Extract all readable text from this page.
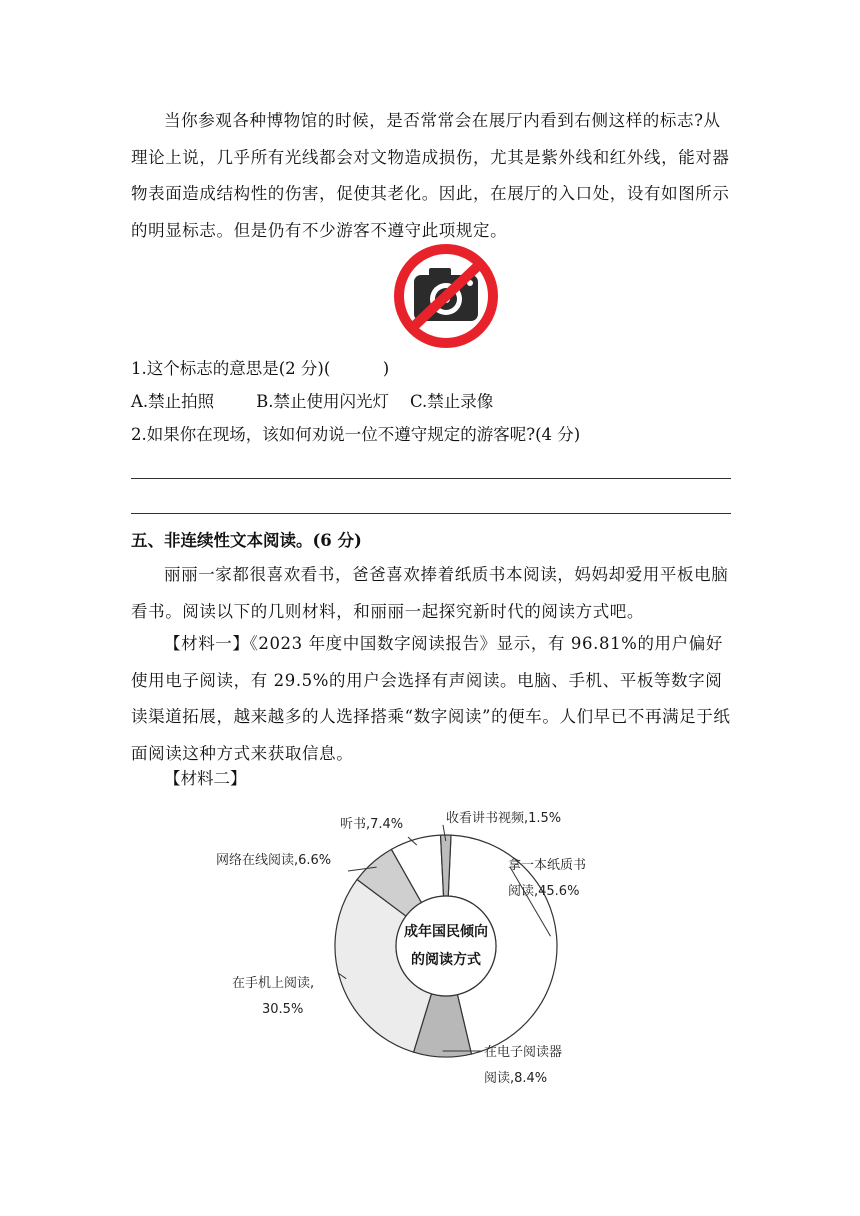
当你参观各种博物馆的时候，是否常常会在展厅内看到右侧这样的标志?从理论上说，几乎所有光线都会对文物造成损伤，尤其是紫外线和红外线，能对器物表面造成结构性的伤害，促使其老化。因此，在展厅的入口处，设有如图所示的明显标志。但是仍有不少游客不遵守此项规定。

1.这个标志的意思是(2 分)(          )

A.禁止拍照        B.禁止使用闪光灯    C.禁止录像

2.如果你在现场，该如何劝说一位不遵守规定的游客呢?(4 分)

五、非连续性文本阅读。(6 分)

丽丽一家都很喜欢看书，爸爸喜欢捧着纸质书本阅读，妈妈却爱用平板电脑看书。阅读以下的几则材料，和丽丽一起探究新时代的阅读方式吧。

【材料一】《2023 年度中国数字阅读报告》显示，有 96.81%的用户偏好使用电子阅读，有 29.5%的用户会选择有声阅读。电脑、手机、平板等数字阅读渠道拓展，越来越多的人选择搭乘“数字阅读”的便车。人们早已不再满足于纸面阅读这种方式来获取信息。

【材料二】

成年国民倾向
的阅读方式
拿一本纸质书
阅读,45.6%
在电子阅读器
阅读,8.4%
在手机上阅读,
30.5%
网络在线阅读,6.6%
听书,7.4%	收看讲书视频,1.5%
